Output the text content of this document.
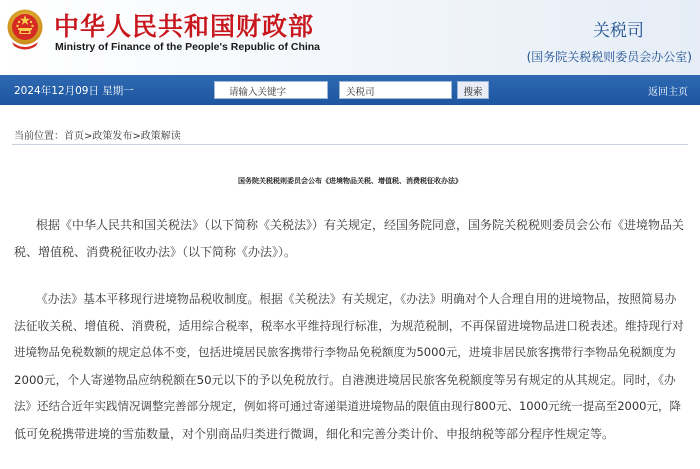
中华人民共和国财政部
Ministry of Finance of the People's Republic of China
关税司
(国务院关税税则委员会办公室)
2024年12月09日 星期一	请输入关键字	关税司	搜索	返回主页
当前位置：首页>政策发布>政策解读
国务院关税税则委员会公布《进境物品关税、增值税、消费税征收办法》
根据《中华人民共和国关税法》（以下简称《关税法》）有关规定，经国务院同意，国务院关税税则委员会公布《进境物品关
税、增值税、消费税征收办法》（以下简称《办法》）。
《办法》基本平移现行进境物品税收制度。根据《关税法》有关规定，《办法》明确对个人合理自用的进境物品，按照简易办
法征收关税、增值税、消费税，适用综合税率，税率水平维持现行标准，为规范税制，不再保留进境物品进口税表述。维持现行对
进境物品免税数额的规定总体不变，包括进境居民旅客携带行李物品免税额度为5000元，进境非居民旅客携带行李物品免税额度为
2000元，个人寄递物品应纳税额在50元以下的予以免税放行。自港澳进境居民旅客免税额度等另有规定的从其规定。同时，《办
法》还结合近年实践情况调整完善部分规定，例如将可通过寄递渠道进境物品的限值由现行800元、1000元统一提高至2000元，降
低可免税携带进境的雪茄数量，对个别商品归类进行微调，细化和完善分类计价、申报纳税等部分程序性规定等。
